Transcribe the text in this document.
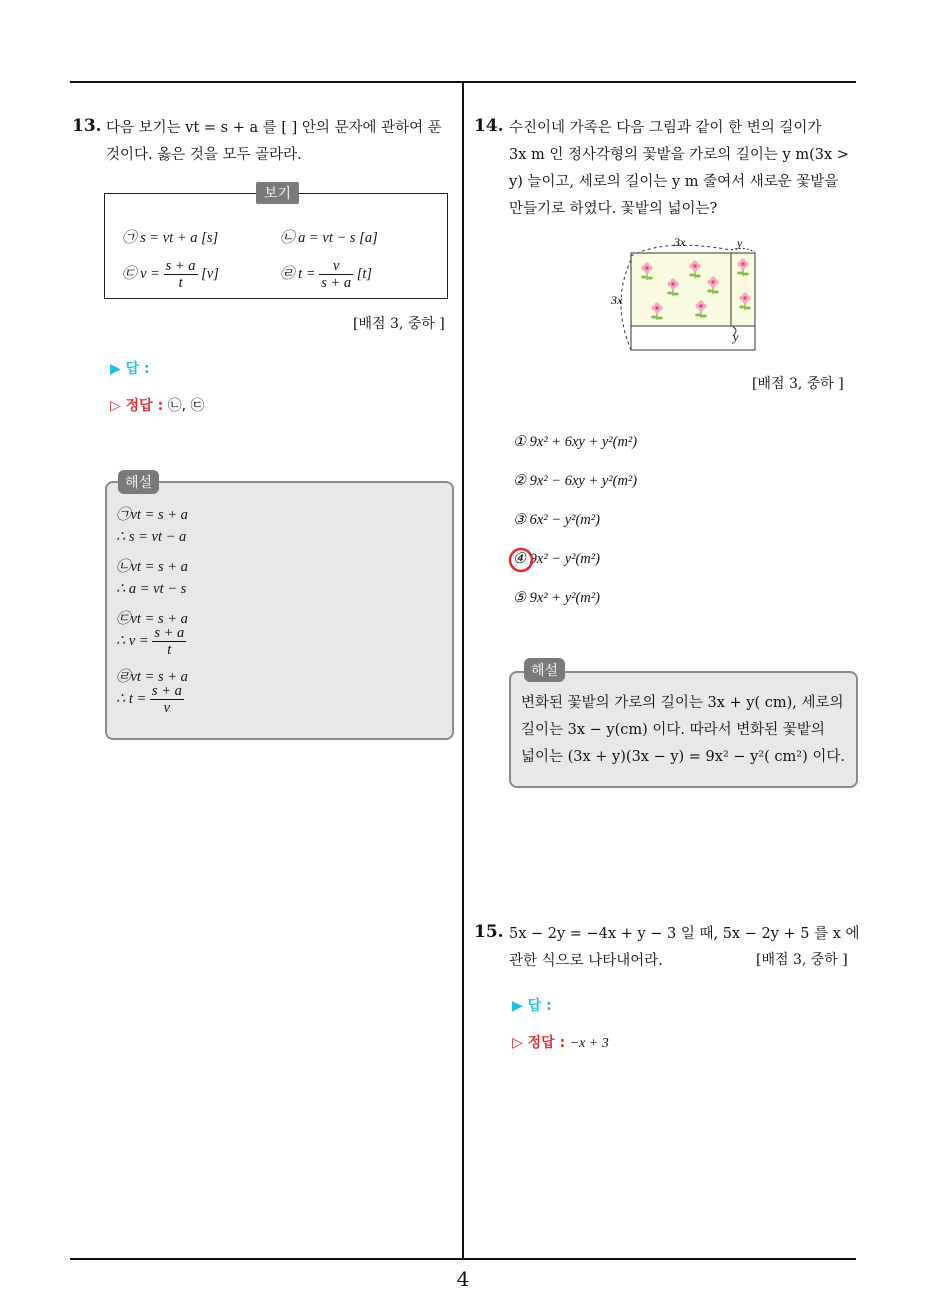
13. 다음 보기는 vt = s + a 를 [ ] 안의 문자에 관하여 푼
것이다. 옳은 것을 모두 골라라.
보기
㉠ s = vt + a [s]	㉡ a = vt − s [a]
㉢ $v = \frac{s + a}{t} [v]$	㉣ $t = \frac{v}{s + a} [t]$
[배점 3, 중하 ]
▶ 답 :
▷ 정답 : ㉡, ㉢
해설
㉠vt = s + a
∴ s = vt − a
㉡vt = s + a
∴ a = vt − s
㉢vt = s + a
∴ $v = \frac{s + a}{t}$
㉣vt = s + a
∴ $t = \frac{s + a}{v}$
14. 수진이네 가족은 다음 그림과 같이 한 변의 길이가
3x m 인 정사각형의 꽃밭을 가로의 길이는 y m(3x >
y) 늘이고, 세로의 길이는 y m 줄여서 새로운 꽃밭을
만들기로 하였다. 꽃밭의 넓이는?
3x	y
3x
y
[배점 3, 중하 ]
① 9x² + 6xy + y²(m²)
② 9x² − 6xy + y²(m²)
③ 6x² − y²(m²)
④ 9x² − y²(m²)
⑤ 9x² + y²(m²)
해설
변화된 꽃밭의 가로의 길이는 3x + y( cm), 세로의
길이는 3x − y(cm) 이다. 따라서 변화된 꽃밭의
넓이는 (3x + y)(3x − y) = 9x² − y²( cm²) 이다.
15. 5x − 2y = −4x + y − 3 일 때, 5x − 2y + 5 를 x 에
관한 식으로 나타내어라.	[배점 3, 중하 ]
▶ 답 :
▷ 정답 : −x + 3
4
